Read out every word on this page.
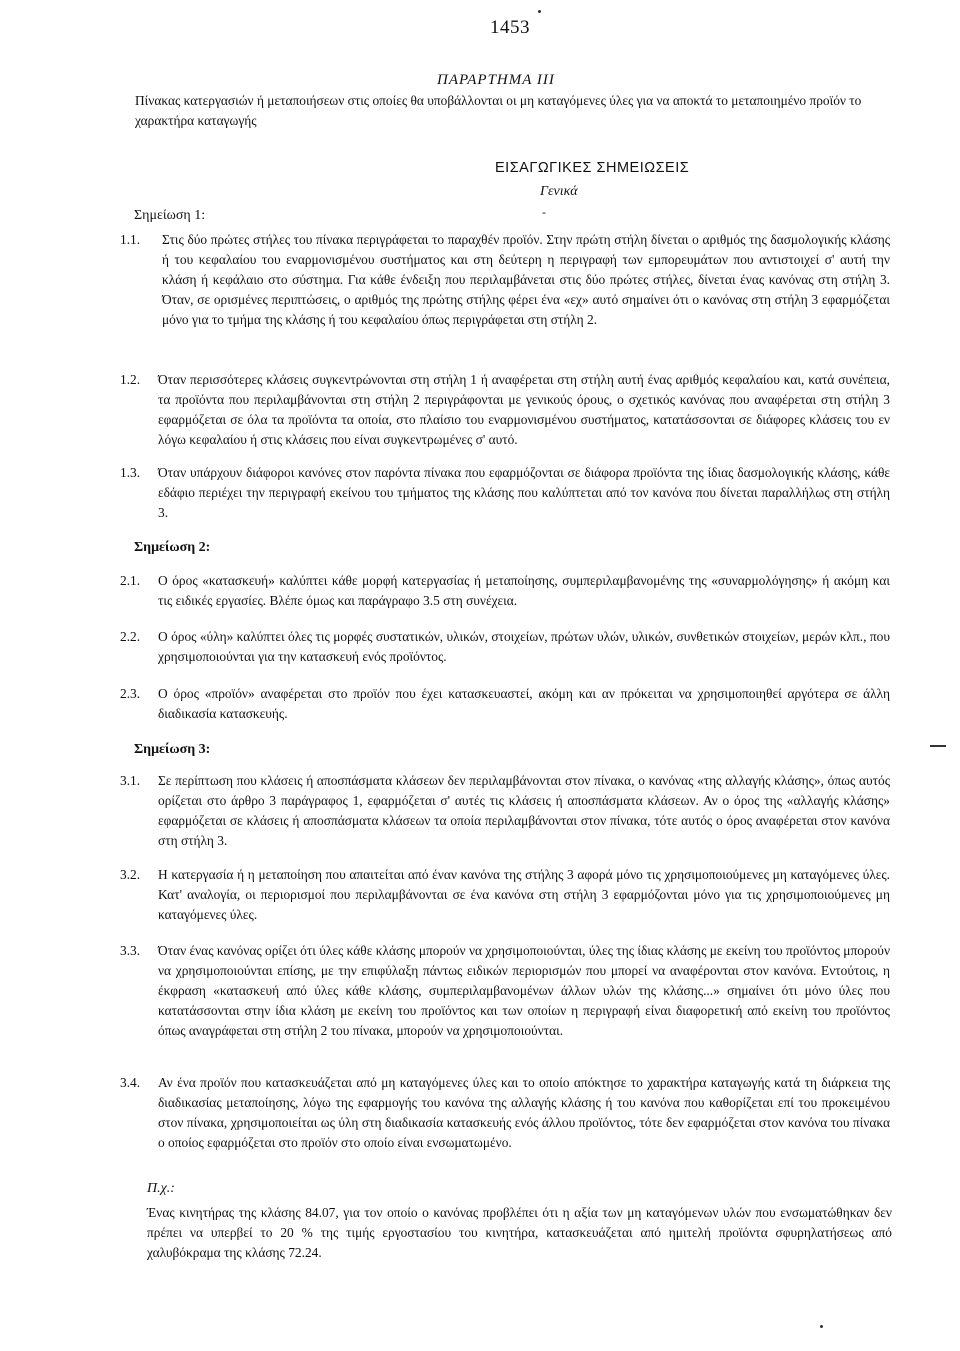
1453
ΠΑΡΑΡΤΗΜΑ ΙΙΙ
Πίνακας κατεργασιών ή μεταποιήσεων στις οποίες θα υποβάλλονται οι μη καταγόμενες ύλες για να αποκτά το μεταποιημένο προϊόν το χαρακτήρα καταγωγής
ΕΙΣΑΓΩΓΙΚΕΣ ΣΗΜΕΙΩΣΕΙΣ
Γενικά
-
Σημείωση 1:
1.1.	Στις δύο πρώτες στήλες του πίνακα περιγράφεται το παραχθέν προϊόν. Στην πρώτη στήλη δίνεται ο αριθμός της δασμολογικής κλάσης ή του κεφαλαίου του εναρμονισμένου συστήματος και στη δεύτερη η περιγραφή των εμπορευμάτων που αντιστοιχεί σ' αυτή την κλάση ή κεφάλαιο στο σύστημα. Για κάθε ένδειξη που περιλαμβάνεται στις δύο πρώτες στήλες, δίνεται ένας κανόνας στη στήλη 3. Όταν, σε ορισμένες περιπτώσεις, ο αριθμός της πρώτης στήλης φέρει ένα «εχ» αυτό σημαίνει ότι ο κανόνας στη στήλη 3 εφαρμόζεται μόνο για το τμήμα της κλάσης ή του κεφαλαίου όπως περιγράφεται στη στήλη 2.
1.2.	Όταν περισσότερες κλάσεις συγκεντρώνονται στη στήλη 1 ή αναφέρεται στη στήλη αυτή ένας αριθμός κεφαλαίου και, κατά συνέπεια, τα προϊόντα που περιλαμβάνονται στη στήλη 2 περιγράφονται με γενικούς όρους, ο σχετικός κανόνας που αναφέρεται στη στήλη 3 εφαρμόζεται σε όλα τα προϊόντα τα οποία, στο πλαίσιο του εναρμονισμένου συστήματος, κατατάσσονται σε διάφορες κλάσεις του εν λόγω κεφαλαίου ή στις κλάσεις που είναι συγκεντρωμένες σ' αυτό.
1.3.	Όταν υπάρχουν διάφοροι κανόνες στον παρόντα πίνακα που εφαρμόζονται σε διάφορα προϊόντα της ίδιας δασμολογικής κλάσης, κάθε εδάφιο περιέχει την περιγραφή εκείνου του τμήματος της κλάσης που καλύπτεται από τον κανόνα που δίνεται παραλλήλως στη στήλη 3.
Σημείωση 2:
2.1.	Ο όρος «κατασκευή» καλύπτει κάθε μορφή κατεργασίας ή μεταποίησης, συμπεριλαμβανομένης της «συναρμολόγησης» ή ακόμη και τις ειδικές εργασίες. Βλέπε όμως και παράγραφο 3.5 στη συνέχεια.
2.2.	Ο όρος «ύλη» καλύπτει όλες τις μορφές συστατικών, υλικών, στοιχείων, πρώτων υλών, υλικών, συνθετικών στοιχείων, μερών κλπ., που χρησιμοποιούνται για την κατασκευή ενός προϊόντος.
2.3.	Ο όρος «προϊόν» αναφέρεται στο προϊόν που έχει κατασκευαστεί, ακόμη και αν πρόκειται να χρησιμοποιηθεί αργότερα σε άλλη διαδικασία κατασκευής.
Σημείωση 3:
3.1.	Σε περίπτωση που κλάσεις ή αποσπάσματα κλάσεων δεν περιλαμβάνονται στον πίνακα, ο κανόνας «της αλλαγής κλάσης», όπως αυτός ορίζεται στο άρθρο 3 παράγραφος 1, εφαρμόζεται σ' αυτές τις κλάσεις ή αποσπάσματα κλάσεων. Αν ο όρος της «αλλαγής κλάσης» εφαρμόζεται σε κλάσεις ή αποσπάσματα κλάσεων τα οποία περιλαμβάνονται στον πίνακα, τότε αυτός ο όρος αναφέρεται στον κανόνα στη στήλη 3.
3.2.	Η κατεργασία ή η μεταποίηση που απαιτείται από έναν κανόνα της στήλης 3 αφορά μόνο τις χρησιμοποιούμενες μη καταγόμενες ύλες. Κατ' αναλογία, οι περιορισμοί που περιλαμβάνονται σε ένα κανόνα στη στήλη 3 εφαρμόζονται μόνο για τις χρησιμοποιούμενες μη καταγόμενες ύλες.
3.3.	Όταν ένας κανόνας ορίζει ότι ύλες κάθε κλάσης μπορούν να χρησιμοποιούνται, ύλες της ίδιας κλάσης με εκείνη του προϊόντος μπορούν να χρησιμοποιούνται επίσης, με την επιφύλαξη πάντως ειδικών περιορισμών που μπορεί να αναφέρονται στον κανόνα. Εντούτοις, η έκφραση «κατασκευή από ύλες κάθε κλάσης, συμπεριλαμβανομένων άλλων υλών της κλάσης...» σημαίνει ότι μόνο ύλες που κατατάσσονται στην ίδια κλάση με εκείνη του προϊόντος και των οποίων η περιγραφή είναι διαφορετική από εκείνη του προϊόντος όπως αναγράφεται στη στήλη 2 του πίνακα, μπορούν να χρησιμοποιούνται.
3.4.	Αν ένα προϊόν που κατασκευάζεται από μη καταγόμενες ύλες και το οποίο απόκτησε το χαρακτήρα καταγωγής κατά τη διάρκεια της διαδικασίας μεταποίησης, λόγω της εφαρμογής του κανόνα της αλλαγής κλάσης ή του κανόνα που καθορίζεται επί του προκειμένου στον πίνακα, χρησιμοποιείται ως ύλη στη διαδικασία κατασκευής ενός άλλου προϊόντος, τότε δεν εφαρμόζεται στον κανόνα του πίνακα ο οποίος εφαρμόζεται στο προϊόν στο οποίο είναι ενσωματωμένο.
Π.χ.:
Ένας κινητήρας της κλάσης 84.07, για τον οποίο ο κανόνας προβλέπει ότι η αξία των μη καταγόμενων υλών που ενσωματώθηκαν δεν πρέπει να υπερβεί το 20 % της τιμής εργοστασίου του κινητήρα, κατασκευάζεται από ημιτελή προϊόντα σφυρηλατήσεως από χαλυβόκραμα της κλάσης 72.24.
